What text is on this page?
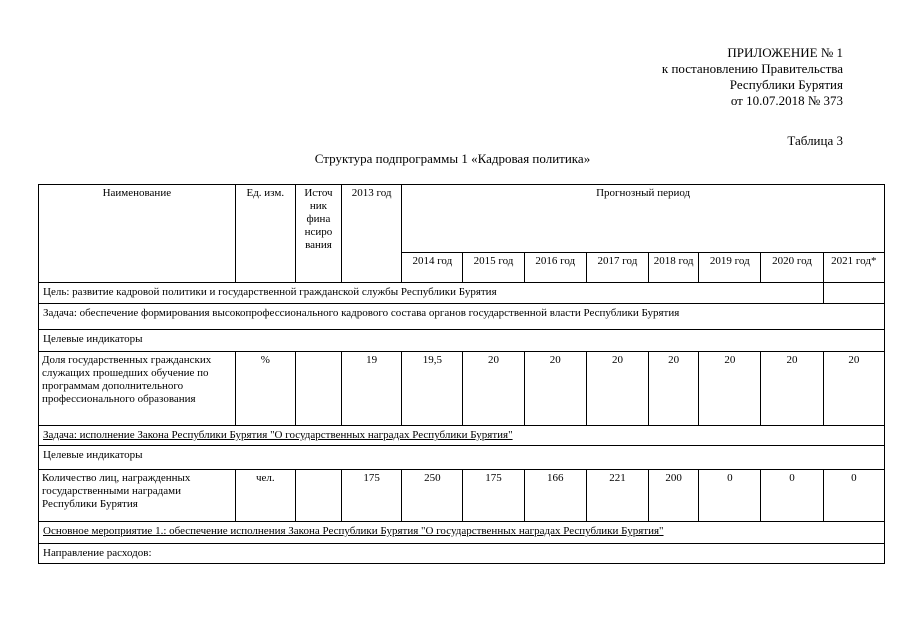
ПРИЛОЖЕНИЕ № 1
к постановлению Правительства
Республики Бурятия
от 10.07.2018 № 373
Таблица 3
Структура подпрограммы 1 «Кадровая политика»
Наименование	Ед. изм.	Источ ник фина нсиро вания	2013 год	Прогнозный период							
				2014 год	2015 год	2016 год	2017 год	2018 год	2019 год	2020 год	2021 год*
Цель: развитие кадровой политики и государственной гражданской службы Республики Бурятия											
Задача: обеспечение формирования высокопрофессионального кадрового состава органов государственной власти Республики Бурятия											
Целевые индикаторы											
Доля государственных гражданских служащих прошедших обучение по программам дополнительного профессионального образования	%		19	19,5	20	20	20	20	20	20	20
Задача: исполнение Закона Республики Бурятия "О государственных наградах Республики Бурятия"											
Целевые индикаторы											
Количество лиц, награжденных государственными наградами Республики Бурятия	чел.		175	250	175	166	221	200	0	0	0
Основное мероприятие 1.: обеспечение исполнения Закона Республики Бурятия "О государственных наградах Республики Бурятия"											
Направление расходов:											
